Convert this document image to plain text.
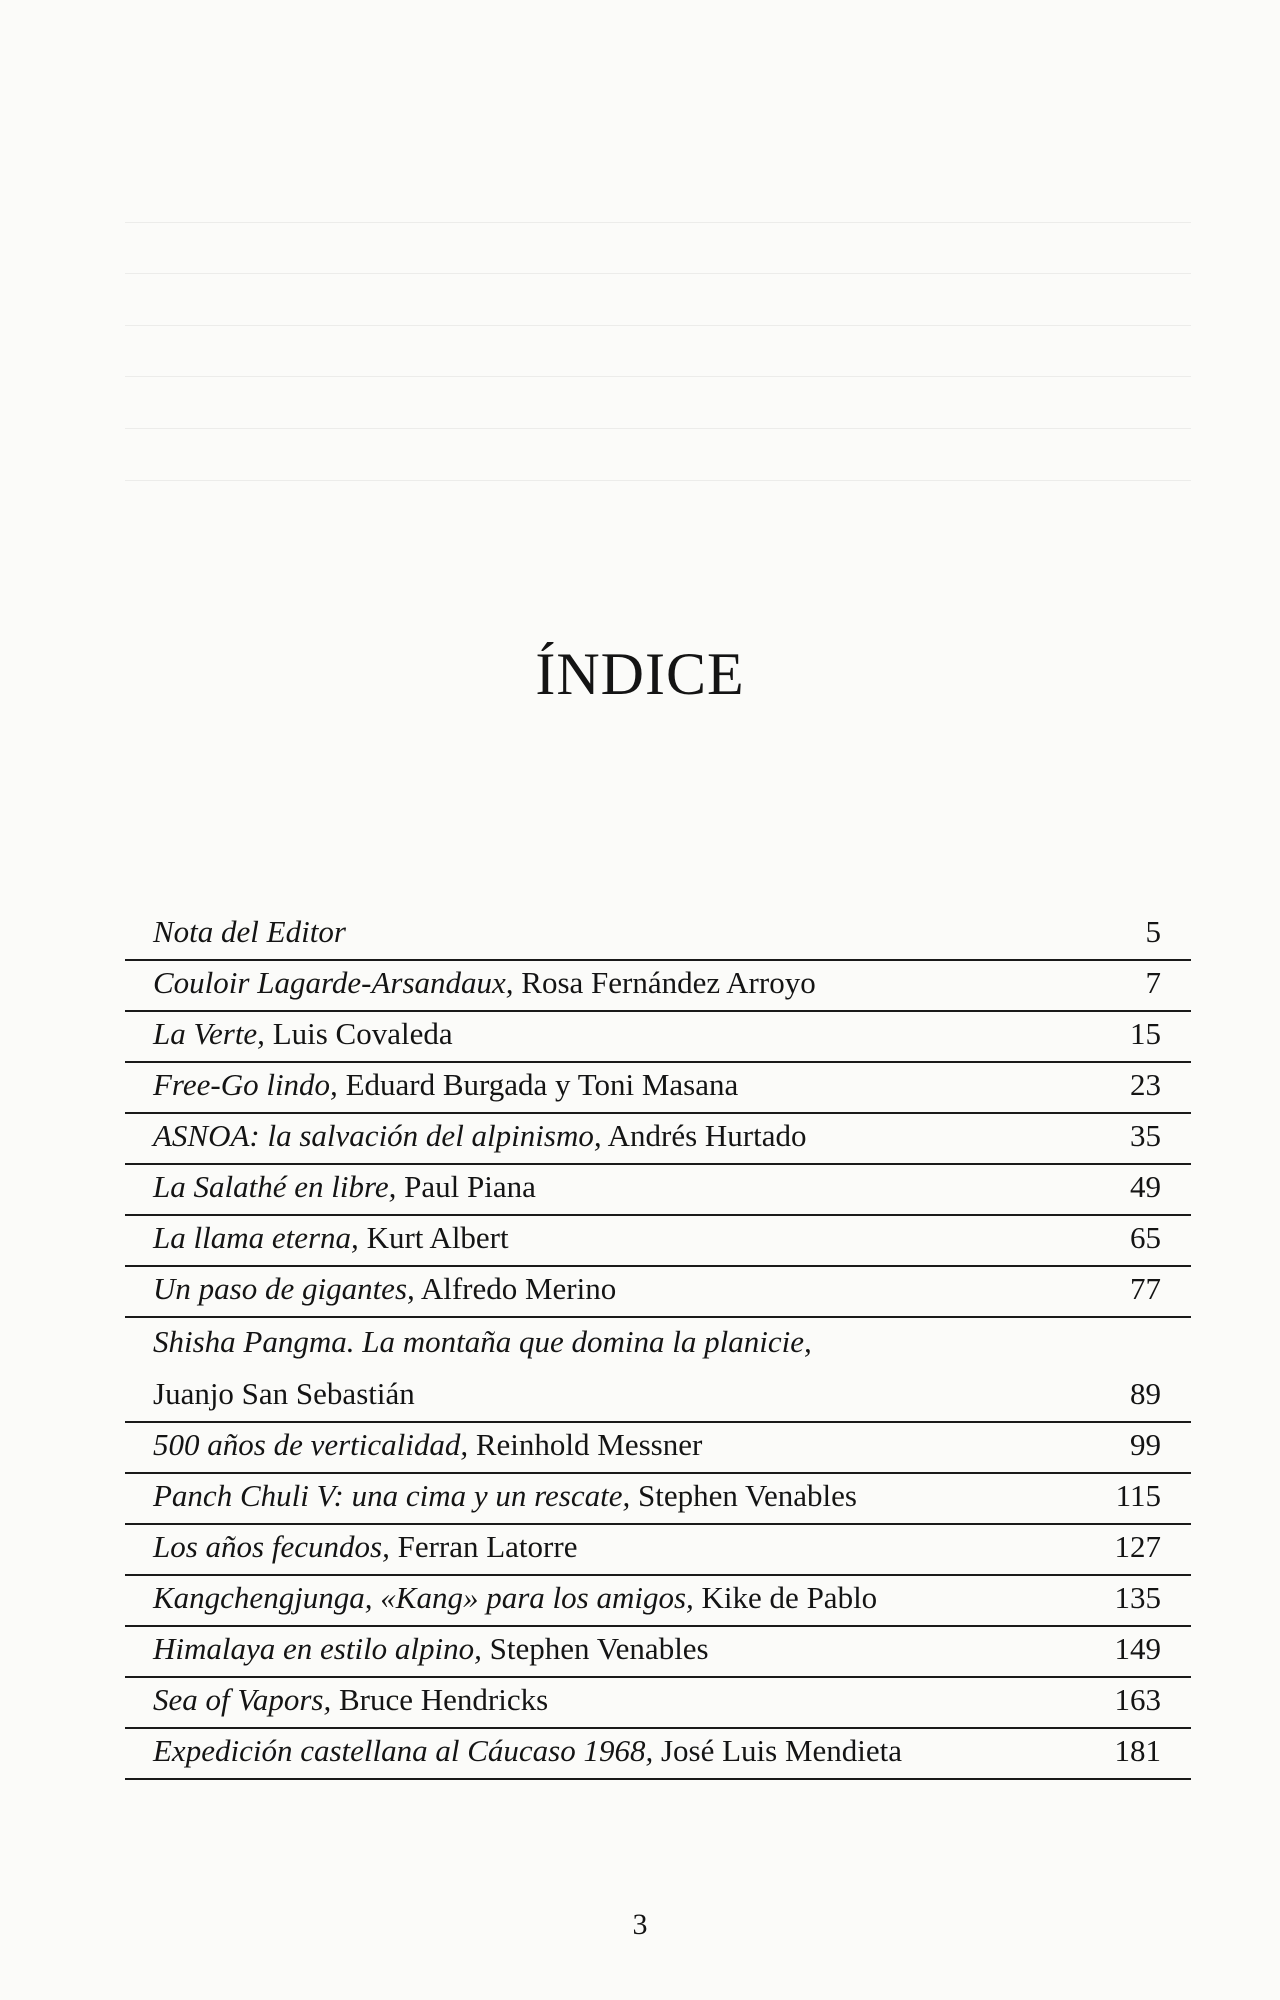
ÍNDICE
Nota del Editor	5
Couloir Lagarde-Arsandaux, Rosa Fernández Arroyo	7
La Verte, Luis Covaleda	15
Free-Go lindo, Eduard Burgada y Toni Masana	23
ASNOA: la salvación del alpinismo, Andrés Hurtado	35
La Salathé en libre, Paul Piana	49
La llama eterna, Kurt Albert	65
Un paso de gigantes, Alfredo Merino	77
Shisha Pangma. La montaña que domina la planicie,
Juanjo San Sebastián	89
500 años de verticalidad, Reinhold Messner	99
Panch Chuli V: una cima y un rescate, Stephen Venables	115
Los años fecundos, Ferran Latorre	127
Kangchengjunga, «Kang» para los amigos, Kike de Pablo	135
Himalaya en estilo alpino, Stephen Venables	149
Sea of Vapors, Bruce Hendricks	163
Expedición castellana al Cáucaso 1968, José Luis Mendieta	181
3
